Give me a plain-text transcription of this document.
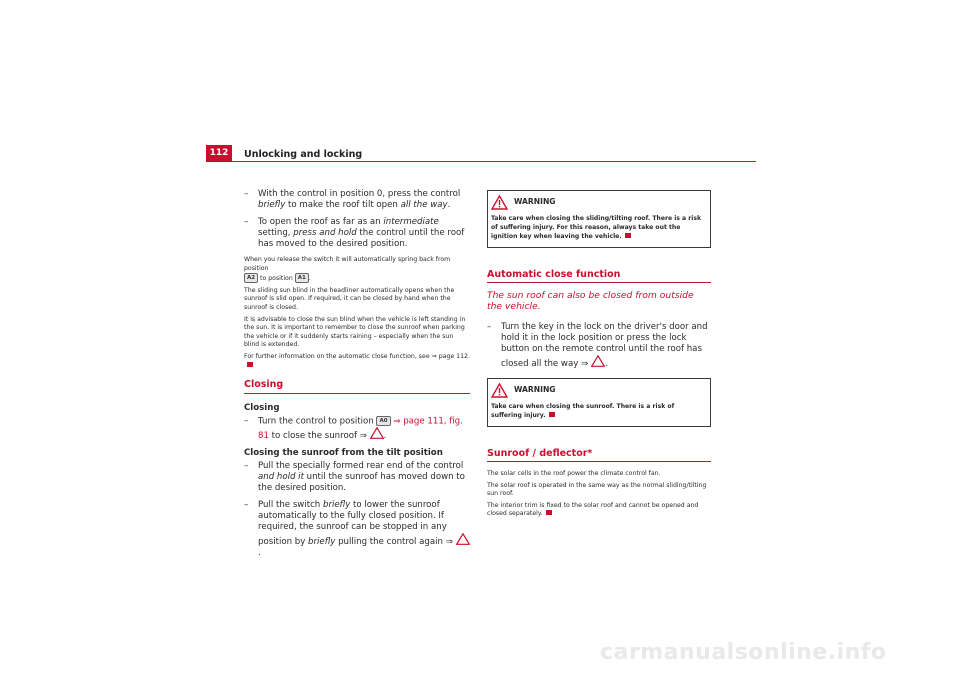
112	Unlocking and locking
– With the control in position 0, press the control briefly to make the roof tilt open all the way.
– To open the roof as far as an intermediate setting, press and hold the control until the roof has moved to the desired position.

When you release the switch it will automatically spring back from position
A2 to position A1 .

The sliding sun blind in the headliner automatically opens when the sunroof is slid open. If required, it can be closed by hand when the sunroof is closed.

It is advisable to close the sun blind when the vehicle is left standing in the sun. It is important to remember to close the sunroof when parking the vehicle or if it suddenly starts raining – especially when the sun blind is extended.

For further information on the automatic close function, see ⇒ page 112.

Closing
Closing
– Turn the control to position A0 ⇒ page 111, fig. 81 to close the sunroof ⇒ .
Closing the sunroof from the tilt position
– Pull the specially formed rear end of the control and hold it until the sunroof has moved down to the desired position.
– Pull the switch briefly to lower the sunroof automatically to the fully closed position. If required, the sunroof can be stopped in any position by briefly pulling the control again ⇒ .
WARNING
Take care when closing the sliding/tilting roof. There is a risk of suffering injury. For this reason, always take out the ignition key when leaving the vehicle.
Automatic close function
The sun roof can also be closed from outside the vehicle.
– Turn the key in the lock on the driver's door and hold it in the lock position or press the lock button on the remote control until the roof has closed all the way ⇒ .
WARNING
Take care when closing the sunroof. There is a risk of suffering injury.
Sunroof / deflector*

The solar cells in the roof power the climate control fan.

The solar roof is operated in the same way as the normal sliding/tilting sun roof.

The interior trim is fixed to the solar roof and cannot be opened and closed separately.

carmanualsonline.info
